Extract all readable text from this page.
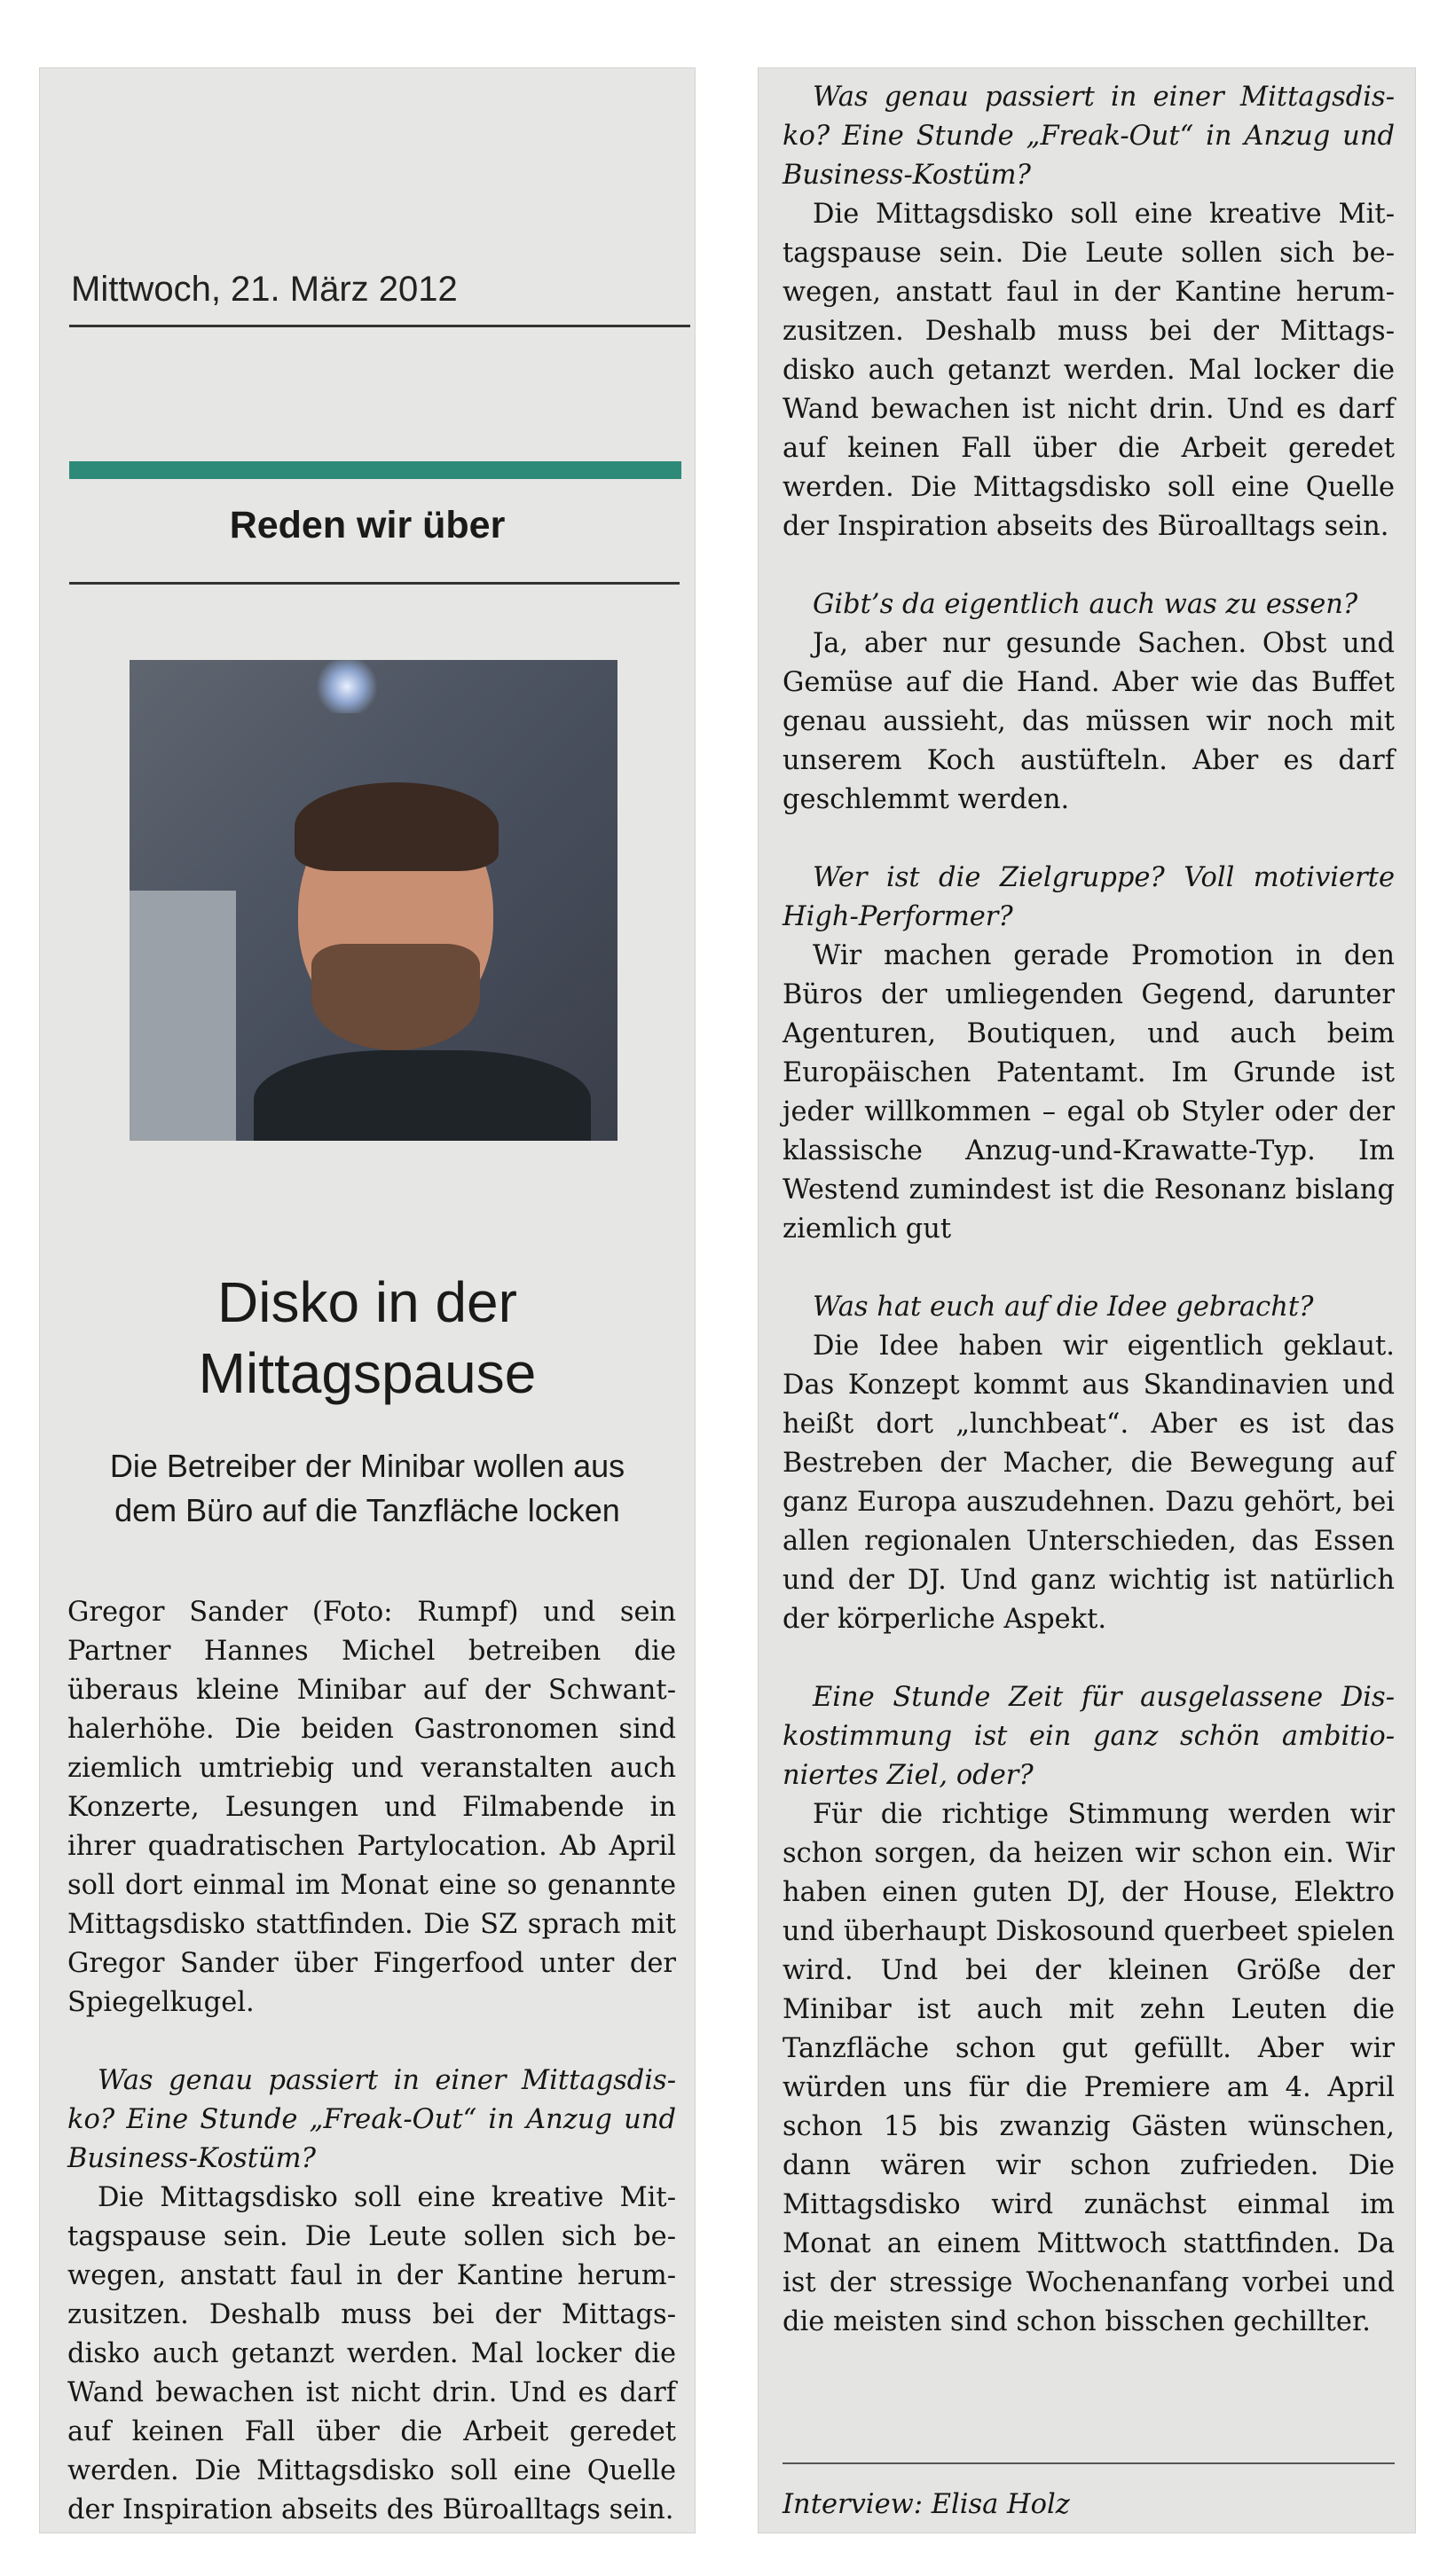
Mittwoch, 21. März 2012
Reden wir über
Disko in der
Mittagspause
Die Betreiber der Minibar wollen aus
dem Büro auf die Tanzfläche locken

Gregor Sander (Foto: Rumpf) und sein Partner Hannes Michel betreiben die überaus kleine Minibar auf der Schwanthalerhöhe. Die beiden Gastronomen sind ziemlich umtriebig und veranstalten auch Konzerte, Lesungen und Filmabende in ihrer quadratischen Partylocation. Ab April soll dort einmal im Monat eine so genannte Mittagsdisko stattfinden. Die SZ sprach mit Gregor Sander über Fingerfood unter der Spiegelkugel.

Was genau passiert in einer Mittagsdisko? Eine Stunde „Freak-Out“ in Anzug und Business-Kostüm?

Die Mittagsdisko soll eine kreative Mittagspause sein. Die Leute sollen sich bewegen, anstatt faul in der Kantine herumzusitzen. Deshalb muss bei der Mittagsdisko auch getanzt werden. Mal locker die Wand bewachen ist nicht drin. Und es darf auf keinen Fall über die Arbeit geredet werden. Die Mittagsdisko soll eine Quelle der Inspiration abseits des Büroalltags sein.

Was genau passiert in einer Mittagsdisko? Eine Stunde „Freak-Out“ in Anzug und Business-Kostüm?

Die Mittagsdisko soll eine kreative Mittagspause sein. Die Leute sollen sich bewegen, anstatt faul in der Kantine herumzusitzen. Deshalb muss bei der Mittagsdisko auch getanzt werden. Mal locker die Wand bewachen ist nicht drin. Und es darf auf keinen Fall über die Arbeit geredet werden. Die Mittagsdisko soll eine Quelle der Inspiration abseits des Büroalltags sein.

Gibt’s da eigentlich auch was zu essen?

Ja, aber nur gesunde Sachen. Obst und Gemüse auf die Hand. Aber wie das Buffet genau aussieht, das müssen wir noch mit unserem Koch austüfteln. Aber es darf geschlemmt werden.

Wer ist die Zielgruppe? Voll motivierte High-Performer?

Wir machen gerade Promotion in den Büros der umliegenden Gegend, darunter Agenturen, Boutiquen, und auch beim Europäischen Patentamt. Im Grunde ist jeder willkommen – egal ob Styler oder der klassische Anzug-und-Krawatte-Typ. Im Westend zumindest ist die Resonanz bislang ziemlich gut

Was hat euch auf die Idee gebracht?

Die Idee haben wir eigentlich geklaut. Das Konzept kommt aus Skandinavien und heißt dort „lunchbeat“. Aber es ist das Bestreben der Macher, die Bewegung auf ganz Europa auszudehnen. Dazu gehört, bei allen regionalen Unterschieden, das Essen und der DJ. Und ganz wichtig ist natürlich der körperliche Aspekt.

Eine Stunde Zeit für ausgelassene Diskostimmung ist ein ganz schön ambitioniertes Ziel, oder?

Für die richtige Stimmung werden wir schon sorgen, da heizen wir schon ein. Wir haben einen guten DJ, der House, Elektro und überhaupt Diskosound querbeet spielen wird. Und bei der kleinen Größe der Minibar ist auch mit zehn Leuten die Tanzfläche schon gut gefüllt. Aber wir würden uns für die Premiere am 4. April schon 15 bis zwanzig Gästen wünschen, dann wären wir schon zufrieden. Die Mittagsdisko wird zunächst einmal im Monat an einem Mittwoch stattfinden. Da ist der stressige Wochenanfang vorbei und die meisten sind schon bisschen gechillter.

Interview: Elisa Holz
